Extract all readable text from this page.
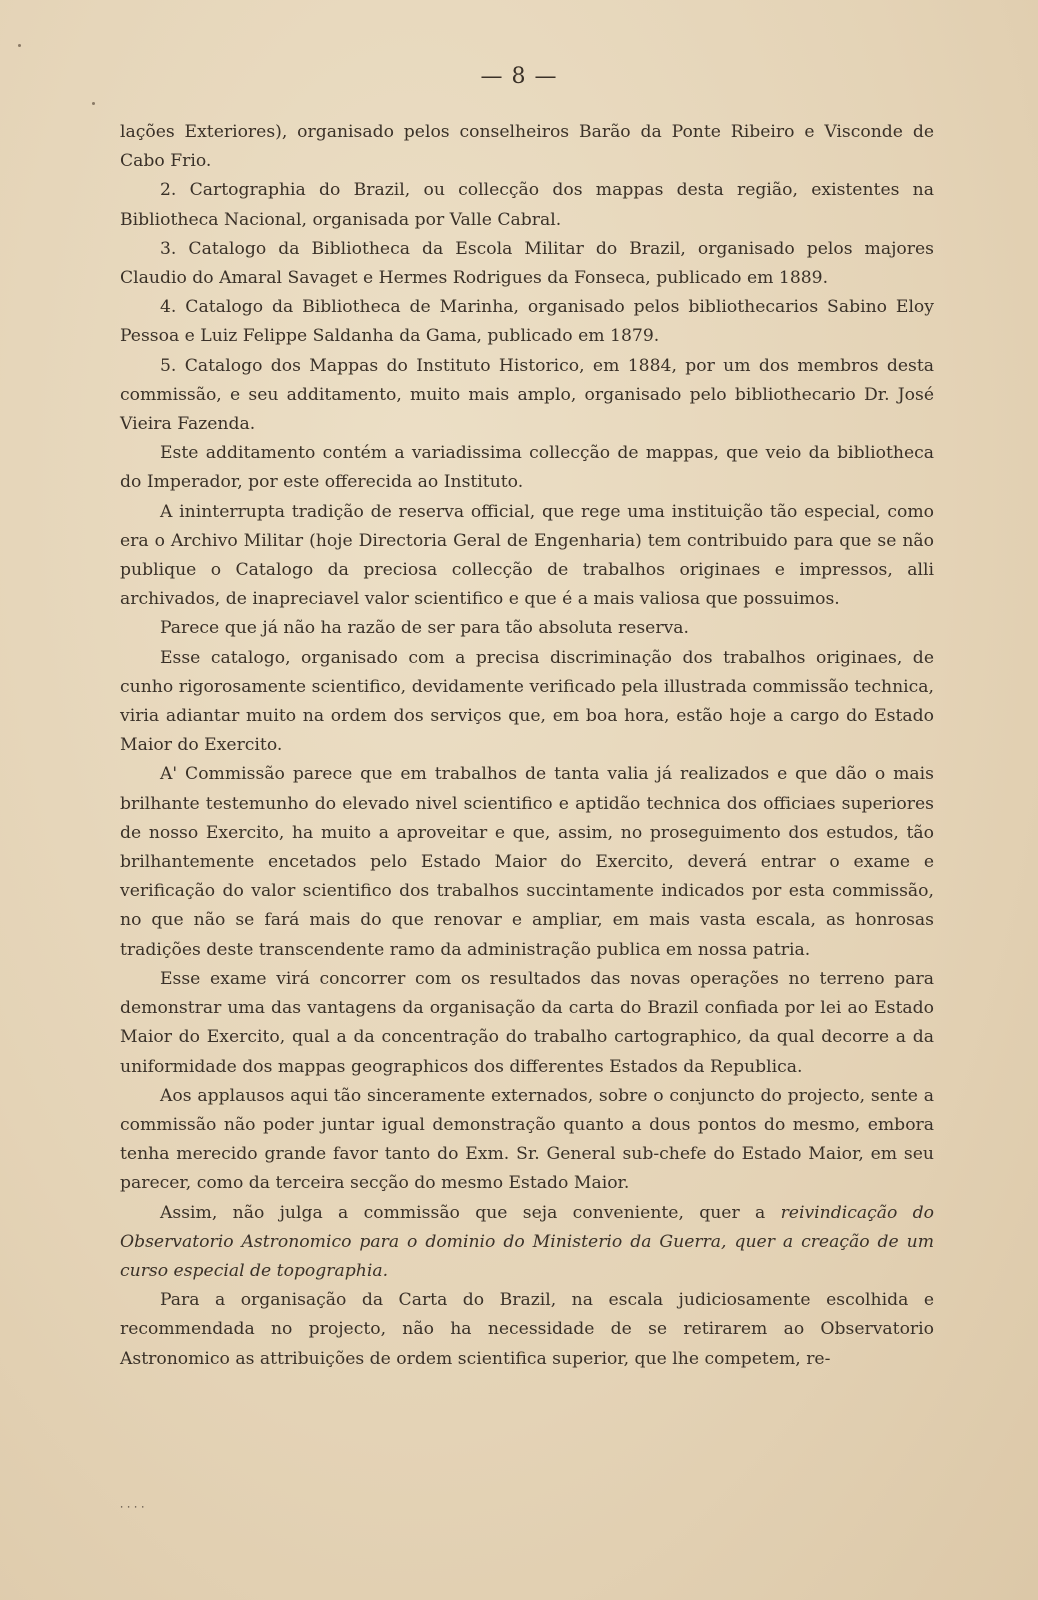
— 8 —

lações Exteriores), organisado pelos conselheiros Barão da Ponte Ribeiro e Visconde de Cabo Frio.

2. Cartographia do Brazil, ou collecção dos mappas desta região, existentes na Bibliotheca Nacional, organisada por Valle Cabral.

3. Catalogo da Bibliotheca da Escola Militar do Brazil, organisado pelos majores Claudio do Amaral Savaget e Hermes Rodrigues da Fonseca, publicado em 1889.

4. Catalogo da Bibliotheca de Marinha, organisado pelos bibliothecarios Sabino Eloy Pessoa e Luiz Felippe Saldanha da Gama, publicado em 1879.

5. Catalogo dos Mappas do Instituto Historico, em 1884, por um dos membros desta commissão, e seu additamento, muito mais amplo, organisado pelo bibliothecario Dr. José Vieira Fazenda.

Este additamento contém a variadissima collecção de mappas, que veio da bibliotheca do Imperador, por este offerecida ao Instituto.

A ininterrupta tradição de reserva official, que rege uma instituição tão especial, como era o Archivo Militar (hoje Directoria Geral de Engenharia) tem contribuido para que se não publique o Catalogo da preciosa collecção de trabalhos originaes e impressos, alli archivados, de inapreciavel valor scientifico e que é a mais valiosa que possuimos.

Parece que já não ha razão de ser para tão absoluta reserva.

Esse catalogo, organisado com a precisa discriminação dos trabalhos originaes, de cunho rigorosamente scientifico, devidamente verificado pela illustrada commissão technica, viria adiantar muito na ordem dos serviços que, em boa hora, estão hoje a cargo do Estado Maior do Exercito.

A' Commissão parece que em trabalhos de tanta valia já realizados e que dão o mais brilhante testemunho do elevado nivel scientifico e aptidão technica dos officiaes superiores de nosso Exercito, ha muito a aproveitar e que, assim, no proseguimento dos estudos, tão brilhantemente encetados pelo Estado Maior do Exercito, deverá entrar o exame e verificação do valor scientifico dos trabalhos succintamente indicados por esta commissão, no que não se fará mais do que renovar e ampliar, em mais vasta escala, as honrosas tradições deste transcendente ramo da administração publica em nossa patria.

Esse exame virá concorrer com os resultados das novas operações no terreno para demonstrar uma das vantagens da organisação da carta do Brazil confiada por lei ao Estado Maior do Exercito, qual a da concentração do trabalho cartographico, da qual decorre a da uniformidade dos mappas geographicos dos differentes Estados da Republica.

Aos applausos aqui tão sinceramente externados, sobre o conjuncto do projecto, sente a commissão não poder juntar igual demonstração quanto a dous pontos do mesmo, embora tenha merecido grande favor tanto do Exm. Sr. General sub-chefe do Estado Maior, em seu parecer, como da terceira secção do mesmo Estado Maior.

Assim, não julga a commissão que seja conveniente, quer a reivindicação do Observatorio Astronomico para o dominio do Ministerio da Guerra, quer a creação de um curso especial de topographia.

Para a organisação da Carta do Brazil, na escala judiciosamente escolhida e recommendada no projecto, não ha necessidade de se retirarem ao Observatorio Astronomico as attribuições de ordem scientifica superior, que lhe competem, re-

⸱ ⸱ ⸱ ⸱
